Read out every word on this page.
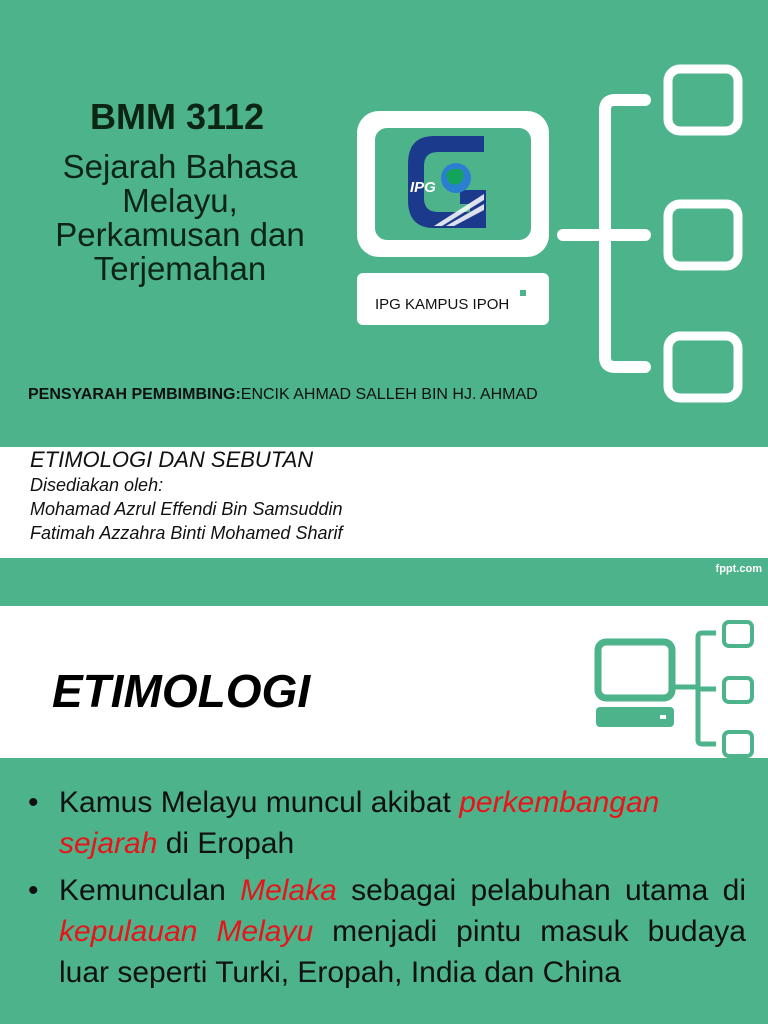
BMM 3112
Sejarah Bahasa Melayu, Perkamusan dan Terjemahan
IPG
IPG KAMPUS IPOH
PENSYARAH PEMBIMBING:ENCIK AHMAD SALLEH BIN HJ. AHMAD
ETIMOLOGI DAN SEBUTAN
Disediakan oleh:
Mohamad Azrul Effendi Bin Samsuddin
Fatimah Azzahra Binti Mohamed Sharif
fppt.com
ETIMOLOGI
• Kamus Melayu muncul akibat perkembangan sejarah di Eropah
• Kemunculan Melaka sebagai pelabuhan utama di kepulauan Melayu menjadi pintu masuk budaya luar seperti Turki, Eropah, India dan China
